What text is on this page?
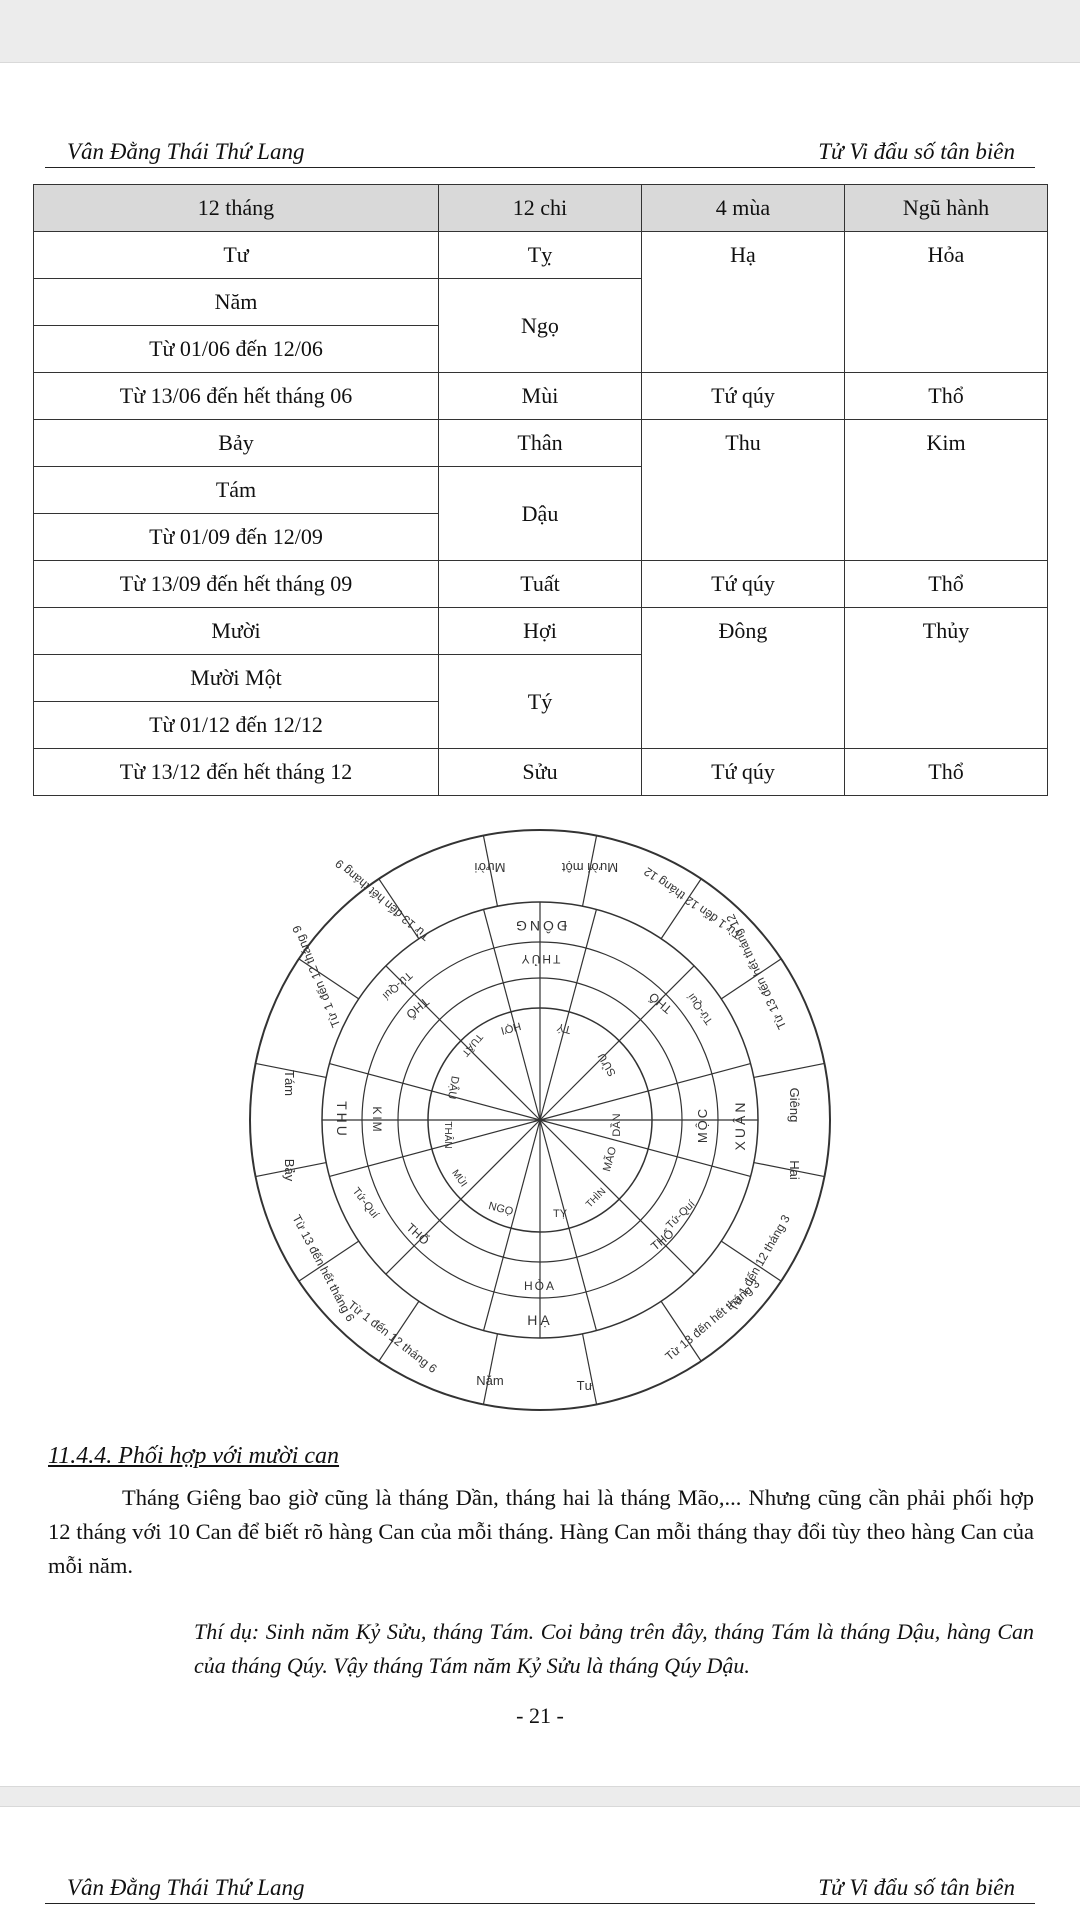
Vân Đằng Thái Thứ Lang	Tử Vi đẩu số tân biên
12 tháng	12 chi	4 mùa	Ngũ hành
Tư	Tỵ	Hạ	Hỏa
Năm	Ngọ		
Từ 01/06 đến 12/06			
Từ 13/06 đến hết tháng 06	Mùi	Tứ qúy	Thổ
Bảy	Thân	Thu	Kim
Tám	Dậu		
Từ 01/09 đến 12/09			
Từ 13/09 đến hết tháng 09	Tuất	Tứ qúy	Thổ
Mười	Hợi	Đông	Thủy
Mười Một	Tý		
Từ 01/12 đến 12/12			
Từ 13/12 đến hết tháng 12	Sửu	Tứ qúy	Thổ
Giêng
Hai
Từ 1 đến 12 tháng 3
Từ 13 đến hết tháng 3
Tư
Năm
Từ 1 đến 12 tháng 6
Từ 13 đến hết tháng 6
Bảy
Tám
Từ 1 đến 12 tháng 9
Từ 13 đến hết tháng 9	Mười	Mười một Từ 1 đến 12 tháng 12
Từ 13 đến hết tháng 12
XUÂN
HẠ
THU
ĐÔNG
MỘC
THỔ
HỎA
THỔ
KIM
THỔ
THỦY
THỔ
Tứ-Quí
Tứ-Quí
Tứ-Quí
Tứ-Quí
DẦN
MÃO
THÌN
TỴ
NGỌ
MÙI
THÂN
DẬU
TUẤT
HỢI	TÝ
SỬU
11.4.4. Phối hợp với mười can
Tháng Giêng bao giờ cũng là tháng Dần, tháng hai là tháng Mão,... Nhưng cũng cần phải phối hợp 12 tháng với 10 Can để biết rõ hàng Can của mỗi tháng. Hàng Can mỗi tháng thay đổi tùy theo hàng Can của mỗi năm.
Thí dụ: Sinh năm Kỷ Sửu, tháng Tám. Coi bảng trên đây, tháng Tám là tháng Dậu, hàng Can của tháng Qúy. Vậy tháng Tám năm Kỷ Sửu là tháng Qúy Dậu.
- 21 -
Vân Đằng Thái Thứ Lang	Tử Vi đẩu số tân biên
